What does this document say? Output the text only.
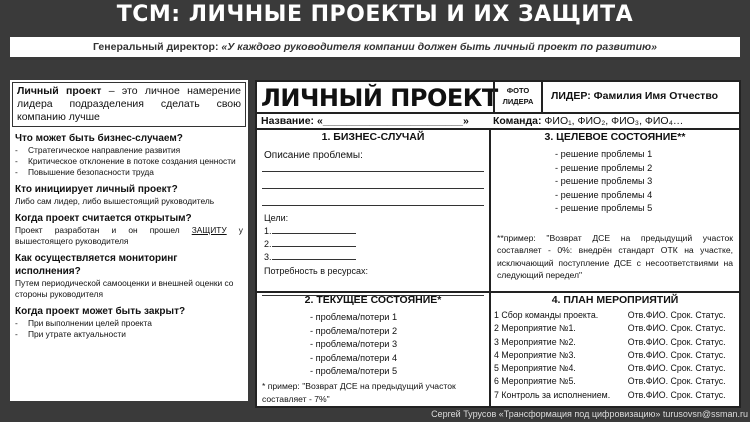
TCM: ЛИЧНЫЕ ПРОЕКТЫ И ИХ ЗАЩИТА
Генеральный директор: «У каждого руководителя компании должен быть личный проект по развитию»
Личный проект – это личное намерение лидера подразделения сделать свою компанию лучше
Что может быть бизнес-случаем?
- Стратегическое направление развития
- Критическое отклонение в потоке создания ценности
- Повышение безопасности труда
Кто инициирует личный проект?

Либо сам лидер, либо вышестоящий руководитель

Когда проект считается открытым?

Проект разработан и он прошел ЗАЩИТУ у вышестоящего руководителя

Как осуществляется мониторинг исполнения?

Путем периодической самооценки и внешней оценки со стороны руководителя

Когда проект может быть закрыт?
- При выполнении целей проекта
- При утрате актуальности
ЛИЧНЫЙ ПРОЕКТ	ФОТО
ЛИДЕРА	ЛИДЕР: Фамилия Имя Отчество
Название: «________________________» Команда: ФИО₁, ФИО₂, ФИО₃, ФИО₄…
1. БИЗНЕС-СЛУЧАЙ
Описание проблемы:
Цели:
1.
2.
3.
Потребность в ресурсах:
3. ЦЕЛЕВОЕ СОСТОЯНИЕ**
- решение проблемы 1
- решение проблемы 2
- решение проблемы 3
- решение проблемы 4
- решение проблемы 5
**пример: "Возврат ДСЕ на предыдущий участок составляет - 0%: внедрён стандарт ОТК на участке, исключающий поступление ДСЕ с несоответствиями на следующий передел"
2. ТЕКУЩЕЕ СОСТОЯНИЕ*
- проблема/потери 1
- проблема/потери 2
- проблема/потери 3
- проблема/потери 4
- проблема/потери 5
* пример: "Возврат ДСЕ на предыдущий участок составляет - 7%"
4. ПЛАН МЕРОПРИЯТИЙ
1 Сбор команды проекта.	Отв.ФИО. Срок. Статус.
2 Мероприятие №1.	Отв.ФИО. Срок. Статус.
3 Мероприятие №2.	Отв.ФИО. Срок. Статус.
4 Мероприятие №3.	Отв.ФИО. Срок. Статус.
5 Мероприятие №4.	Отв.ФИО. Срок. Статус.
6 Мероприятие №5.	Отв.ФИО. Срок. Статус.
7 Контроль за исполнением.	Отв.ФИО. Срок. Статус.
Сергей Турусов «Трансформация под цифровизацию» turusovsn@ssman.ru
